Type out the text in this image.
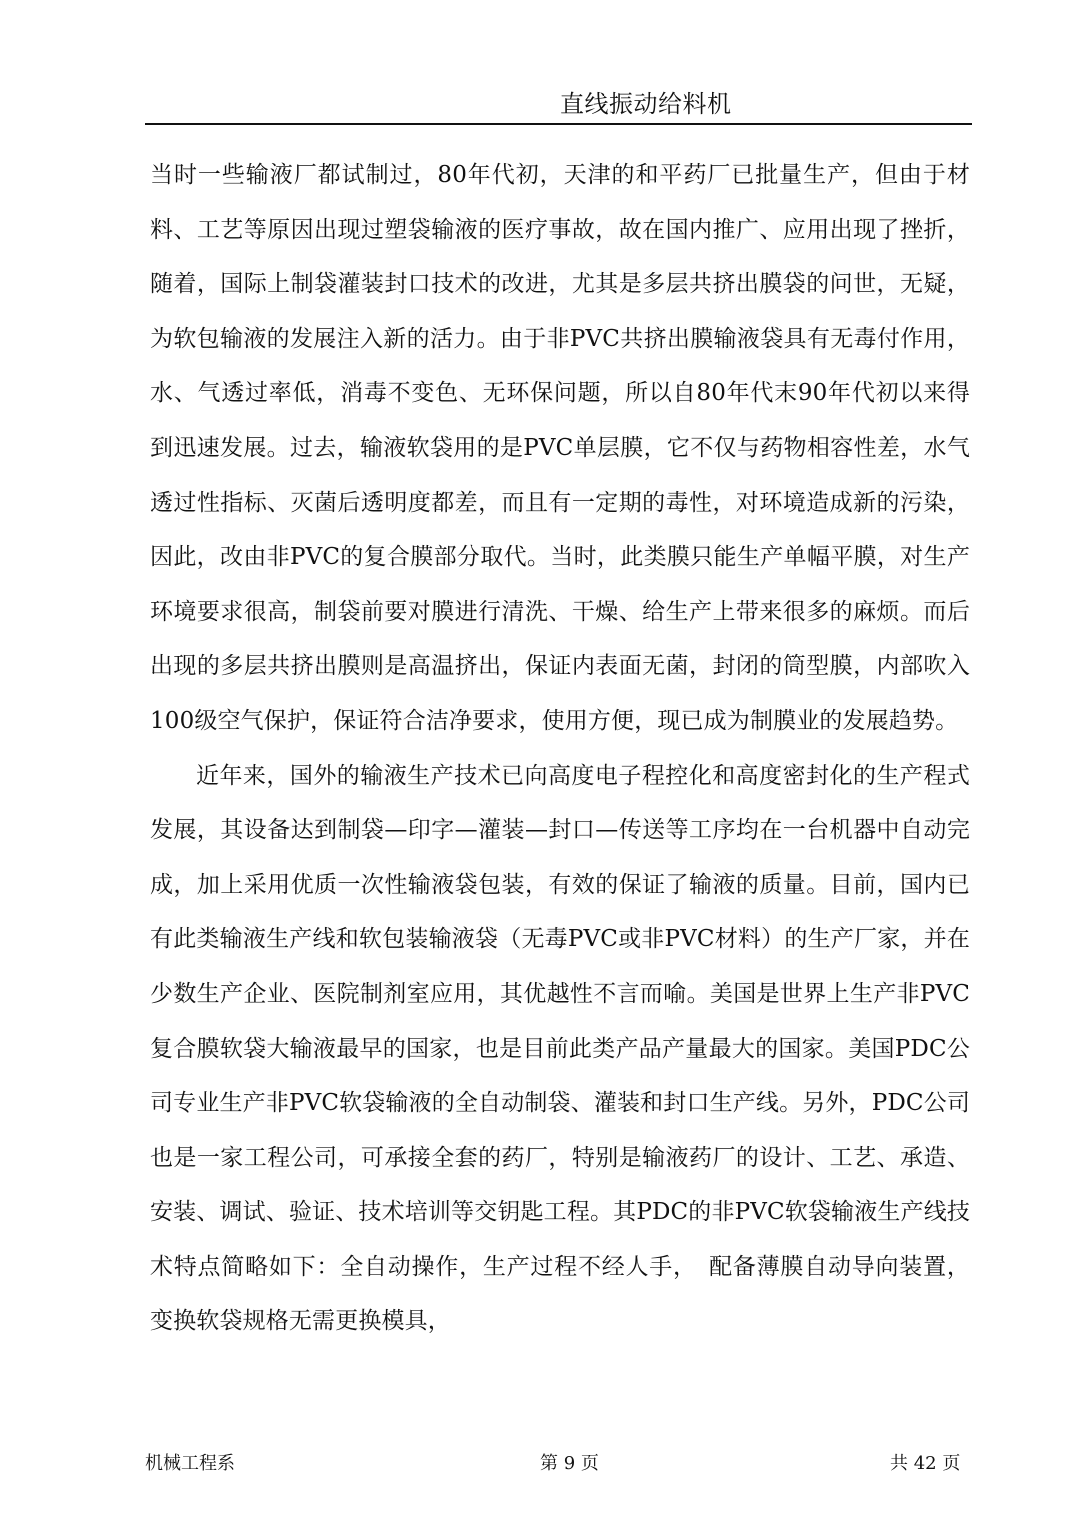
直线振动给料机

当时一些输液厂都试制过，80年代初，天津的和平药厂已批量生产，但由于材料、工艺等原因出现过塑袋输液的医疗事故，故在国内推广、应用出现了挫折，随着，国际上制袋灌装封口技术的改进，尤其是多层共挤出膜袋的问世，无疑，为软包输液的发展注入新的活力。由于非PVC共挤出膜输液袋具有无毒付作用，水、气透过率低，消毒不变色、无环保问题，所以自80年代末90年代初以来得到迅速发展。过去，输液软袋用的是PVC单层膜，它不仅与药物相容性差，水气透过性指标、灭菌后透明度都差，而且有一定期的毒性，对环境造成新的污染，因此，改由非PVC的复合膜部分取代。当时，此类膜只能生产单幅平膜，对生产环境要求很高，制袋前要对膜进行清洗、干燥、给生产上带来很多的麻烦。而后出现的多层共挤出膜则是高温挤出，保证内表面无菌，封闭的筒型膜，内部吹入100级空气保护，保证符合洁净要求，使用方便，现已成为制膜业的发展趋势。

近年来，国外的输液生产技术已向高度电子程控化和高度密封化的生产程式发展，其设备达到制袋—印字—灌装—封口—传送等工序均在一台机器中自动完成，加上采用优质一次性输液袋包装，有效的保证了输液的质量。目前，国内已有此类输液生产线和软包装输液袋（无毒PVC或非PVC材料）的生产厂家，并在少数生产企业、医院制剂室应用，其优越性不言而喻。美国是世界上生产非PVC复合膜软袋大输液最早的国家，也是目前此类产品产量最大的国家。美国PDC公司专业生产非PVC软袋输液的全自动制袋、灌装和封口生产线。另外，PDC公司也是一家工程公司，可承接全套的药厂，特别是输液药厂的设计、工艺、承造、安装、调试、验证、技术培训等交钥匙工程。其PDC的非PVC软袋输液生产线技术特点简略如下：全自动操作，生产过程不经人手，　配备薄膜自动导向装置，变换软袋规格无需更换模具，

机械工程系	第 9 页	共 42 页
